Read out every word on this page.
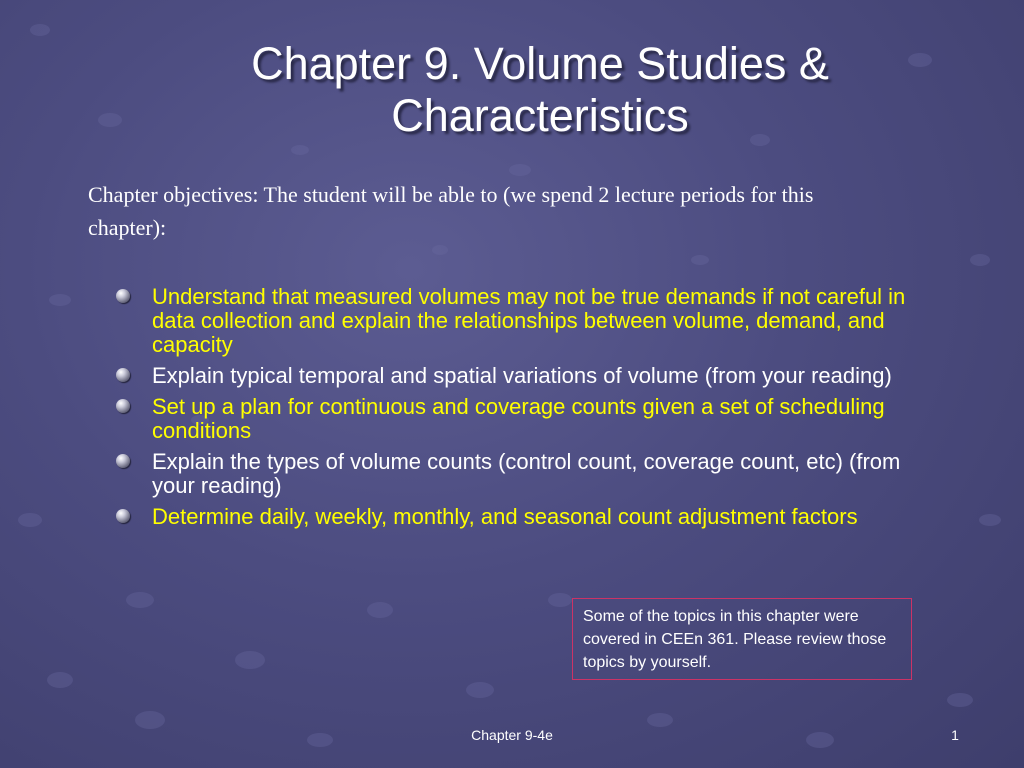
Chapter 9. Volume Studies &
Characteristics
Chapter objectives: The student will be able to (we spend 2 lecture periods for this chapter):
Understand that measured volumes may not be true demands if not careful in data collection and explain the relationships between volume, demand, and capacity
Explain typical temporal and spatial variations of volume (from your reading)
Set up a plan for continuous and coverage counts given a set of scheduling conditions
Explain the types of volume counts (control count, coverage count, etc) (from your reading)
Determine daily, weekly, monthly, and seasonal count adjustment factors
Some of the topics in this chapter were covered in CEEn 361. Please review those topics by yourself.
Chapter 9-4e	1
